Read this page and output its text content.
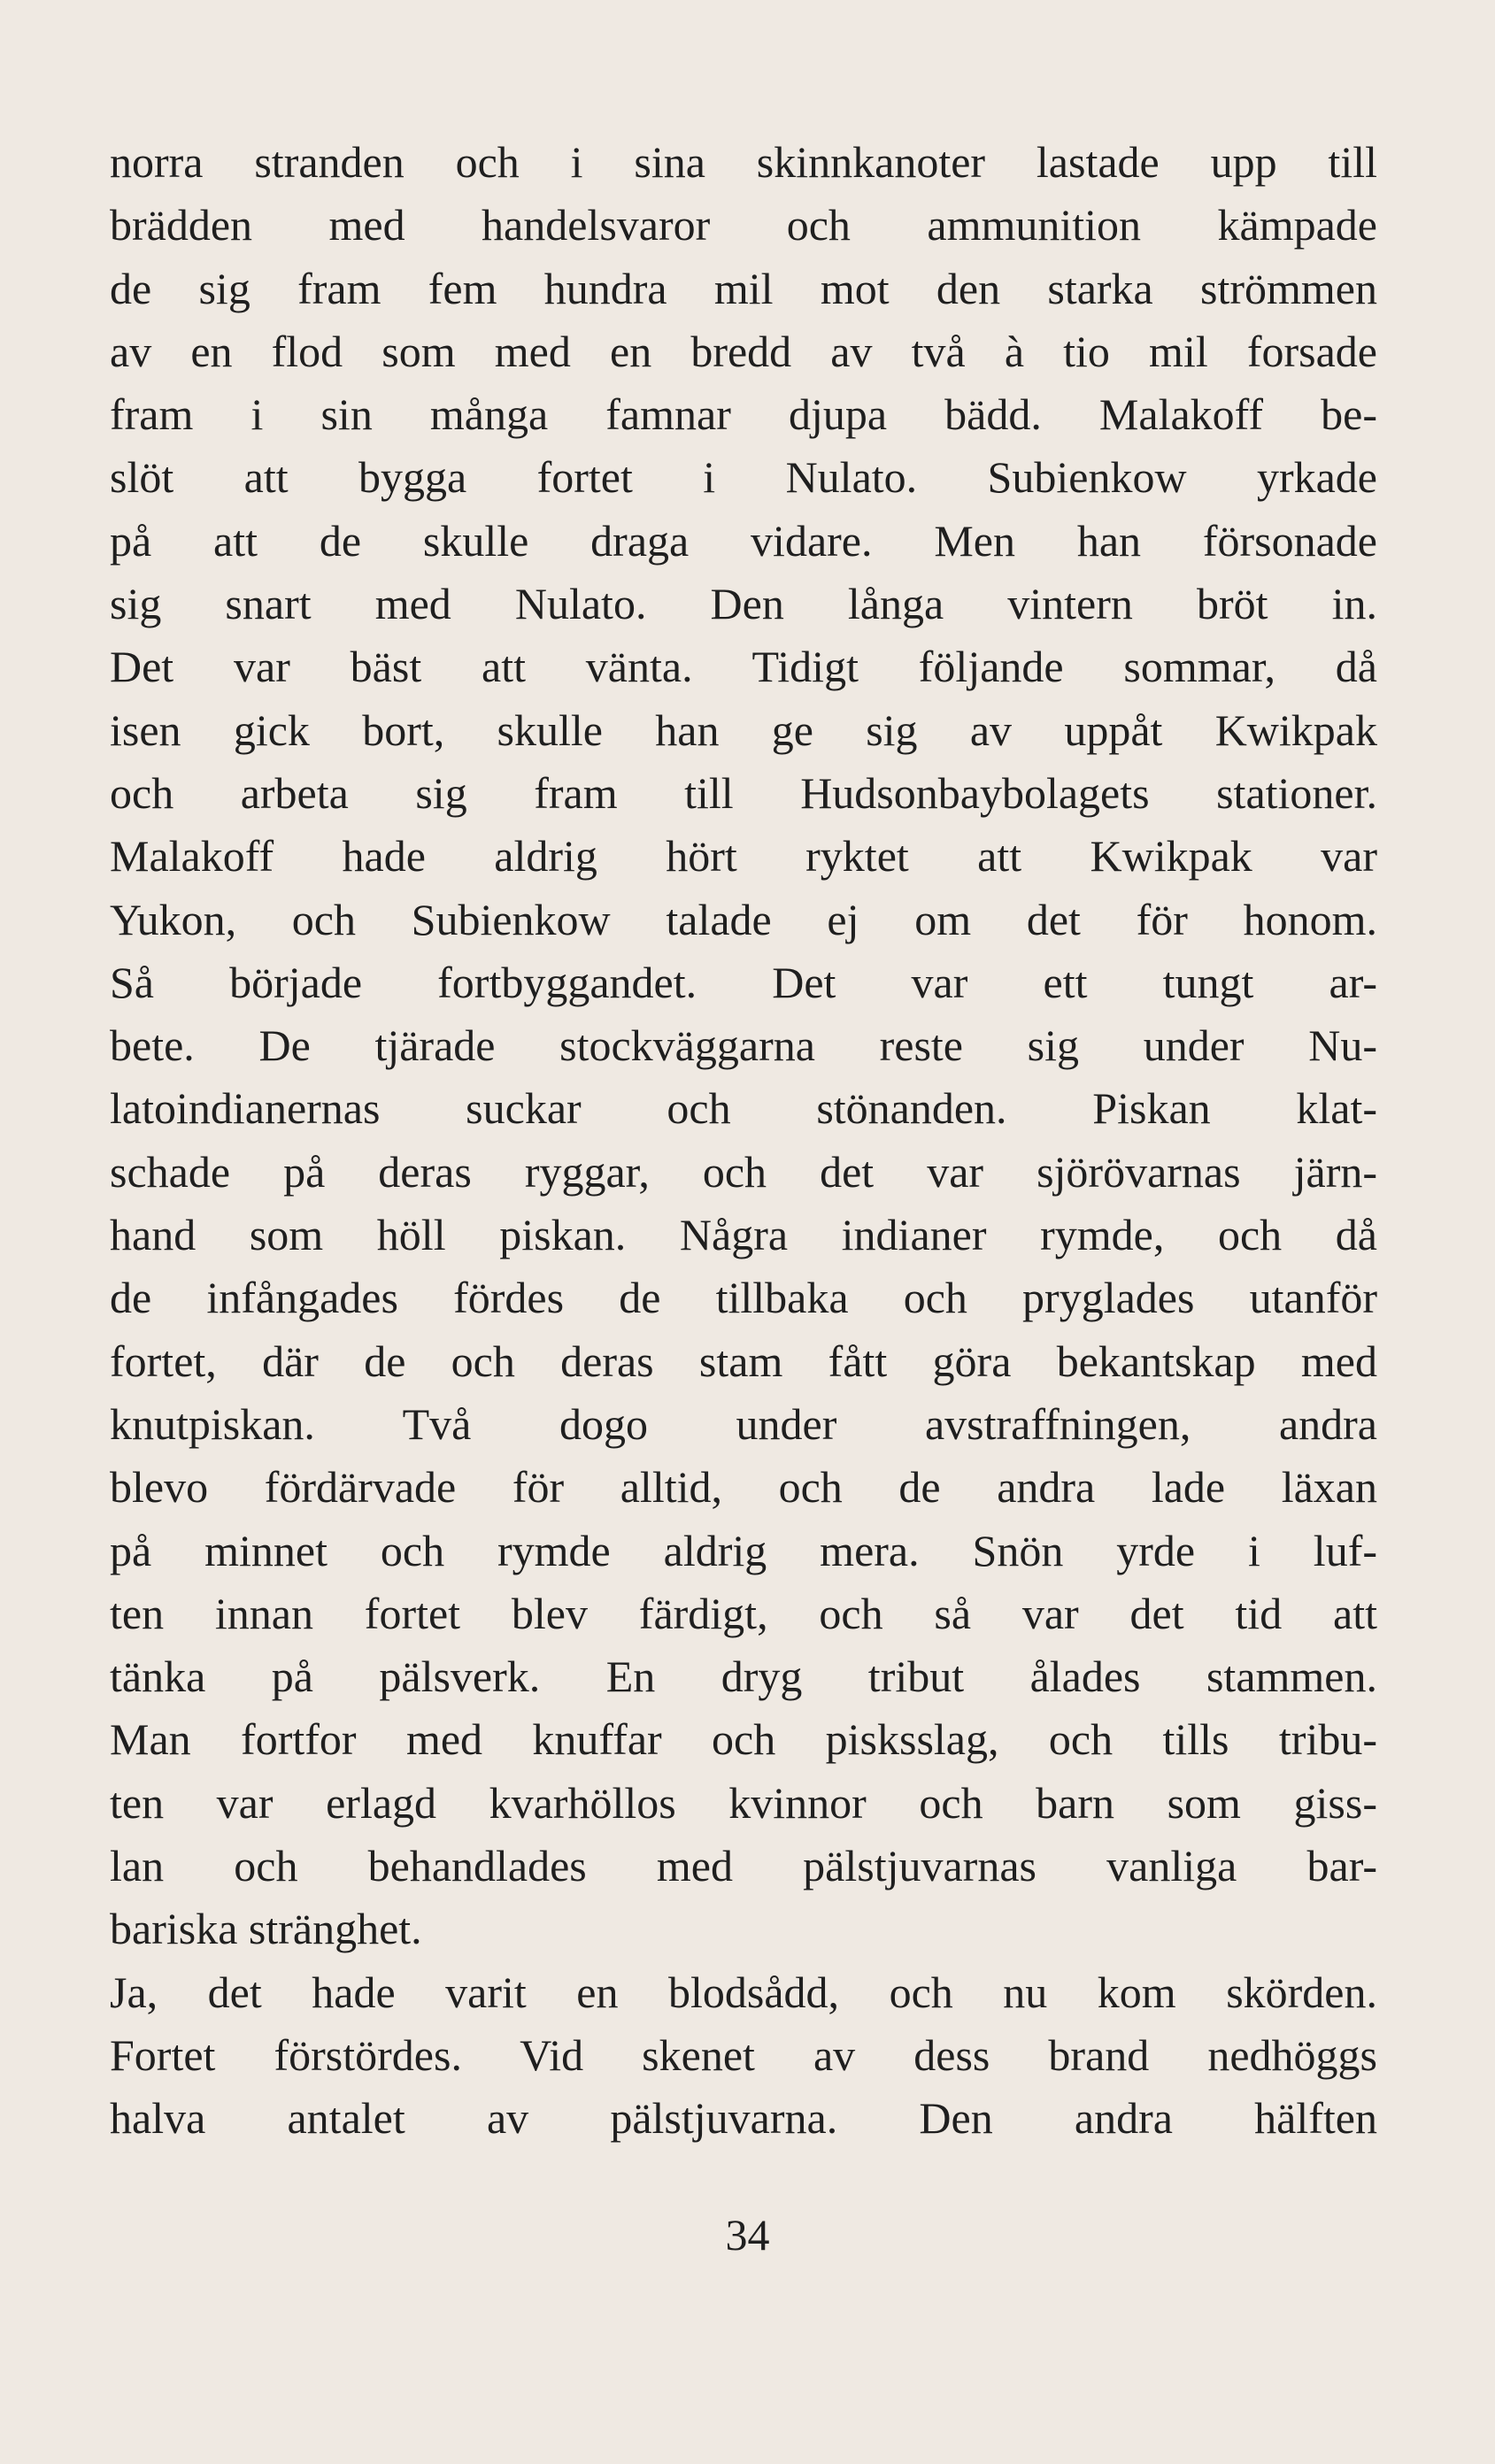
norra stranden och i sina skinnkanoter lastade upp till
brädden med handelsvaror och ammunition kämpade
de sig fram fem hundra mil mot den starka strömmen
av en flod som med en bredd av två à tio mil forsade
fram i sin många famnar djupa bädd. Malakoff be-
slöt att bygga fortet i Nulato. Subienkow yrkade
på att de skulle draga vidare. Men han försonade
sig snart med Nulato. Den långa vintern bröt in.
Det var bäst att vänta. Tidigt följande sommar, då
isen gick bort, skulle han ge sig av uppåt Kwikpak
och arbeta sig fram till Hudsonbaybolagets stationer.
Malakoff hade aldrig hört ryktet att Kwikpak var
Yukon, och Subienkow talade ej om det för honom.
Så började fortbyggandet. Det var ett tungt ar-
bete. De tjärade stockväggarna reste sig under Nu-
latoindianernas suckar och stönanden. Piskan klat-
schade på deras ryggar, och det var sjörövarnas järn-
hand som höll piskan. Några indianer rymde, och då
de infångades fördes de tillbaka och pryglades utanför
fortet, där de och deras stam fått göra bekantskap med
knutpiskan. Två dogo under avstraffningen, andra
blevo fördärvade för alltid, och de andra lade läxan
på minnet och rymde aldrig mera. Snön yrde i luf-
ten innan fortet blev färdigt, och så var det tid att
tänka på pälsverk. En dryg tribut ålades stammen.
Man fortfor med knuffar och pisksslag, och tills tribu-
ten var erlagd kvarhöllos kvinnor och barn som giss-
lan och behandlades med pälstjuvarnas vanliga bar-
bariska stränghet.
Ja, det hade varit en blodsådd, och nu kom skörden.
Fortet förstördes. Vid skenet av dess brand nedhöggs
halva antalet av pälstjuvarna. Den andra hälften
34
